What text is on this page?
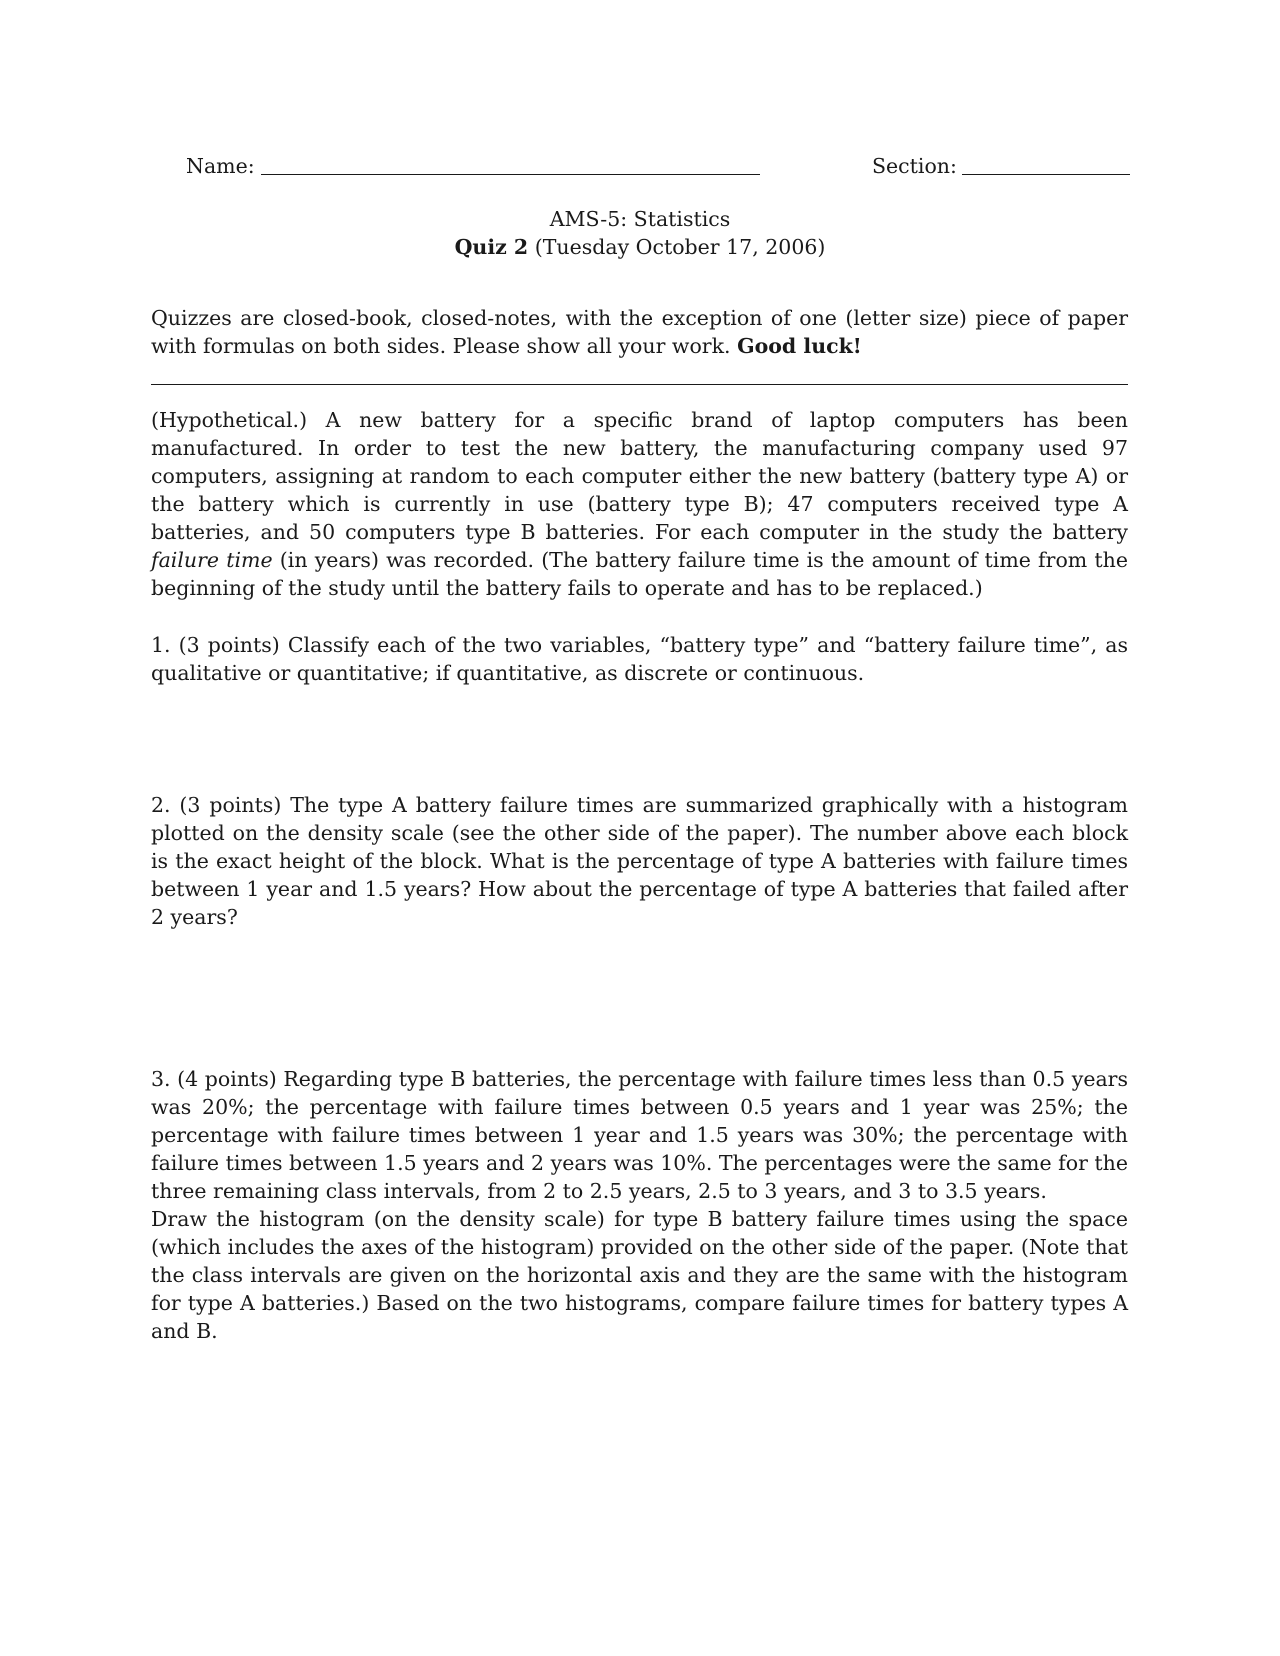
Name:	Section:
AMS-5: Statistics
Quiz 2 (Tuesday October 17, 2006)

Quizzes are closed-book, closed-notes, with the exception of one (letter size) piece of paper with formulas on both sides. Please show all your work. Good luck!

(Hypothetical.) A new battery for a specific brand of laptop computers has been manufactured. In order to test the new battery, the manufacturing company used 97 computers, assigning at random to each computer either the new battery (battery type A) or the battery which is currently in use (battery type B); 47 computers received type A batteries, and 50 computers type B batteries. For each computer in the study the battery failure time (in years) was recorded. (The battery failure time is the amount of time from the beginning of the study until the battery fails to operate and has to be replaced.)

1. (3 points) Classify each of the two variables, “battery type” and “battery failure time”, as qualitative or quantitative; if quantitative, as discrete or continuous.

2. (3 points) The type A battery failure times are summarized graphically with a histogram plotted on the density scale (see the other side of the paper). The number above each block is the exact height of the block. What is the percentage of type A batteries with failure times between 1 year and 1.5 years? How about the percentage of type A batteries that failed after 2 years?

3. (4 points) Regarding type B batteries, the percentage with failure times less than 0.5 years was 20%; the percentage with failure times between 0.5 years and 1 year was 25%; the percentage with failure times between 1 year and 1.5 years was 30%; the percentage with failure times between 1.5 years and 2 years was 10%. The percentages were the same for the three remaining class intervals, from 2 to 2.5 years, 2.5 to 3 years, and 3 to 3.5 years.

Draw the histogram (on the density scale) for type B battery failure times using the space (which includes the axes of the histogram) provided on the other side of the paper. (Note that the class intervals are given on the horizontal axis and they are the same with the histogram for type A batteries.) Based on the two histograms, compare failure times for battery types A and B.
